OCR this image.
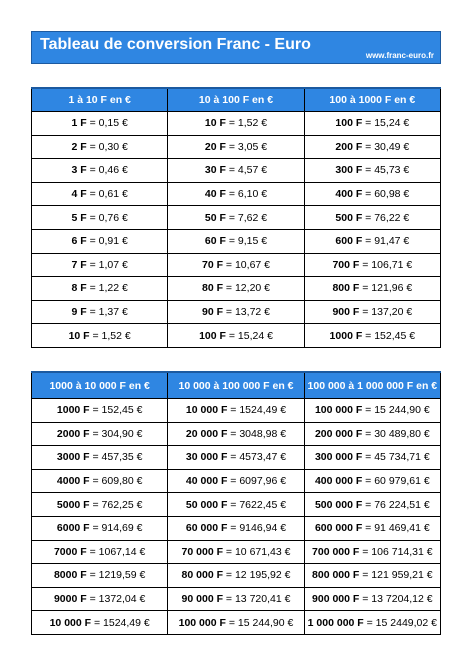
Tableau de conversion Franc - Euro
www.franc-euro.fr
1 à 10 F en €	10 à 100 F en €	100 à 1000 F en €
1 F = 0,15 €	10 F = 1,52 €	100 F = 15,24 €
2 F = 0,30 €	20 F = 3,05 €	200 F = 30,49 €
3 F = 0,46 €	30 F = 4,57 €	300 F = 45,73 €
4 F = 0,61 €	40 F = 6,10 €	400 F = 60,98 €
5 F = 0,76 €	50 F = 7,62 €	500 F = 76,22 €
6 F = 0,91 €	60 F = 9,15 €	600 F = 91,47 €
7 F = 1,07 €	70 F = 10,67 €	700 F = 106,71 €
8 F = 1,22 €	80 F = 12,20 €	800 F = 121,96 €
9 F = 1,37 €	90 F = 13,72 €	900 F = 137,20 €
10 F = 1,52 €	100 F = 15,24 €	1000 F = 152,45 €
1000 à 10 000 F en €	10 000 à 100 000 F en €	100 000 à 1 000 000 F en €
1000 F = 152,45 €	10 000 F = 1524,49 €	100 000 F = 15 244,90 €
2000 F = 304,90 €	20 000 F = 3048,98 €	200 000 F = 30 489,80 €
3000 F = 457,35 €	30 000 F = 4573,47 €	300 000 F = 45 734,71 €
4000 F = 609,80 €	40 000 F = 6097,96 €	400 000 F = 60 979,61 €
5000 F = 762,25 €	50 000 F = 7622,45 €	500 000 F = 76 224,51 €
6000 F = 914,69 €	60 000 F = 9146,94 €	600 000 F = 91 469,41 €
7000 F = 1067,14 €	70 000 F = 10 671,43 €	700 000 F = 106 714,31 €
8000 F = 1219,59 €	80 000 F = 12 195,92 €	800 000 F = 121 959,21 €
9000 F = 1372,04 €	90 000 F = 13 720,41 €	900 000 F = 13 7204,12 €
10 000 F = 1524,49 €	100 000 F = 15 244,90 €	1 000 000 F = 15 2449,02 €
